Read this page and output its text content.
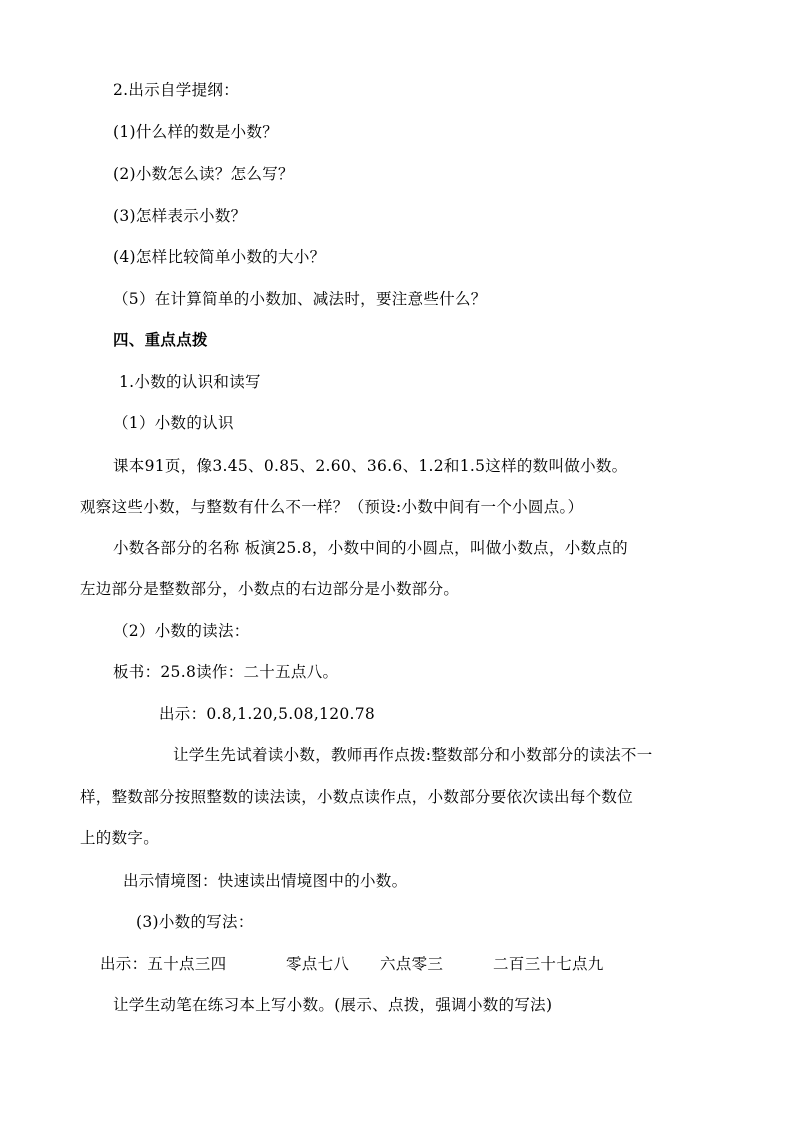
2.出示自学提纲：
(1)什么样的数是小数？
(2)小数怎么读？怎么写？
(3)怎样表示小数？
(4)怎样比较简单小数的大小？
（5）在计算简单的小数加、减法时，要注意些什么？
四、重点点拨
1.小数的认识和读写
（1）小数的认识
课本91页，像3.45、0.85、2.60、36.6、1.2和1.5这样的数叫做小数。
观察这些小数，与整数有什么不一样？（预设:小数中间有一个小圆点。）
小数各部分的名称 板演25.8，小数中间的小圆点，叫做小数点，小数点的
左边部分是整数部分，小数点的右边部分是小数部分。
（2）小数的读法：
板书：25.8读作：二十五点八。
出示：0.8,1.20,5.08,120.78
让学生先试着读小数，教师再作点拨:整数部分和小数部分的读法不一
样，整数部分按照整数的读法读，小数点读作点，小数部分要依次读出每个数位
上的数字。
出示情境图：快速读出情境图中的小数。
(3)小数的写法：
出示：五十点三四	零点七八 六点零三	二百三十七点九
让学生动笔在练习本上写小数。(展示、点拨，强调小数的写法)
